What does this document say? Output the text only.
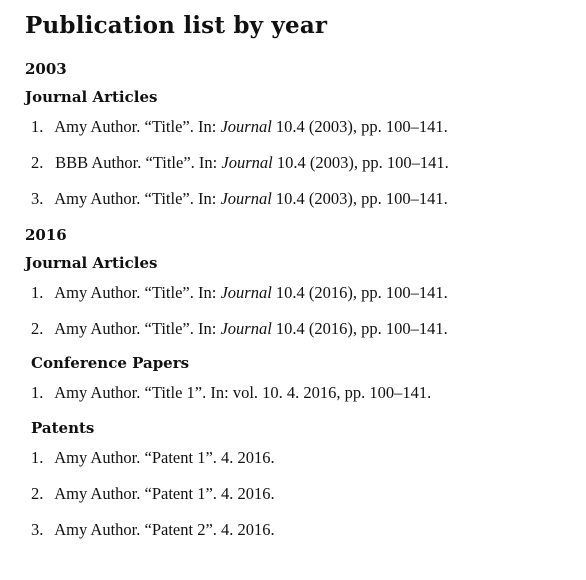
Publication list by year
2003
Journal Articles
1. Amy Author. “Title”. In: Journal 10.4 (2003), pp. 100–141.
2. BBB Author. “Title”. In: Journal 10.4 (2003), pp. 100–141.
3. Amy Author. “Title”. In: Journal 10.4 (2003), pp. 100–141.
2016
Journal Articles
1. Amy Author. “Title”. In: Journal 10.4 (2016), pp. 100–141.
2. Amy Author. “Title”. In: Journal 10.4 (2016), pp. 100–141.
Conference Papers
1. Amy Author. “Title 1”. In: vol. 10. 4. 2016, pp. 100–141.
Patents
1. Amy Author. “Patent 1”. 4. 2016.
2. Amy Author. “Patent 1”. 4. 2016.
3. Amy Author. “Patent 2”. 4. 2016.
